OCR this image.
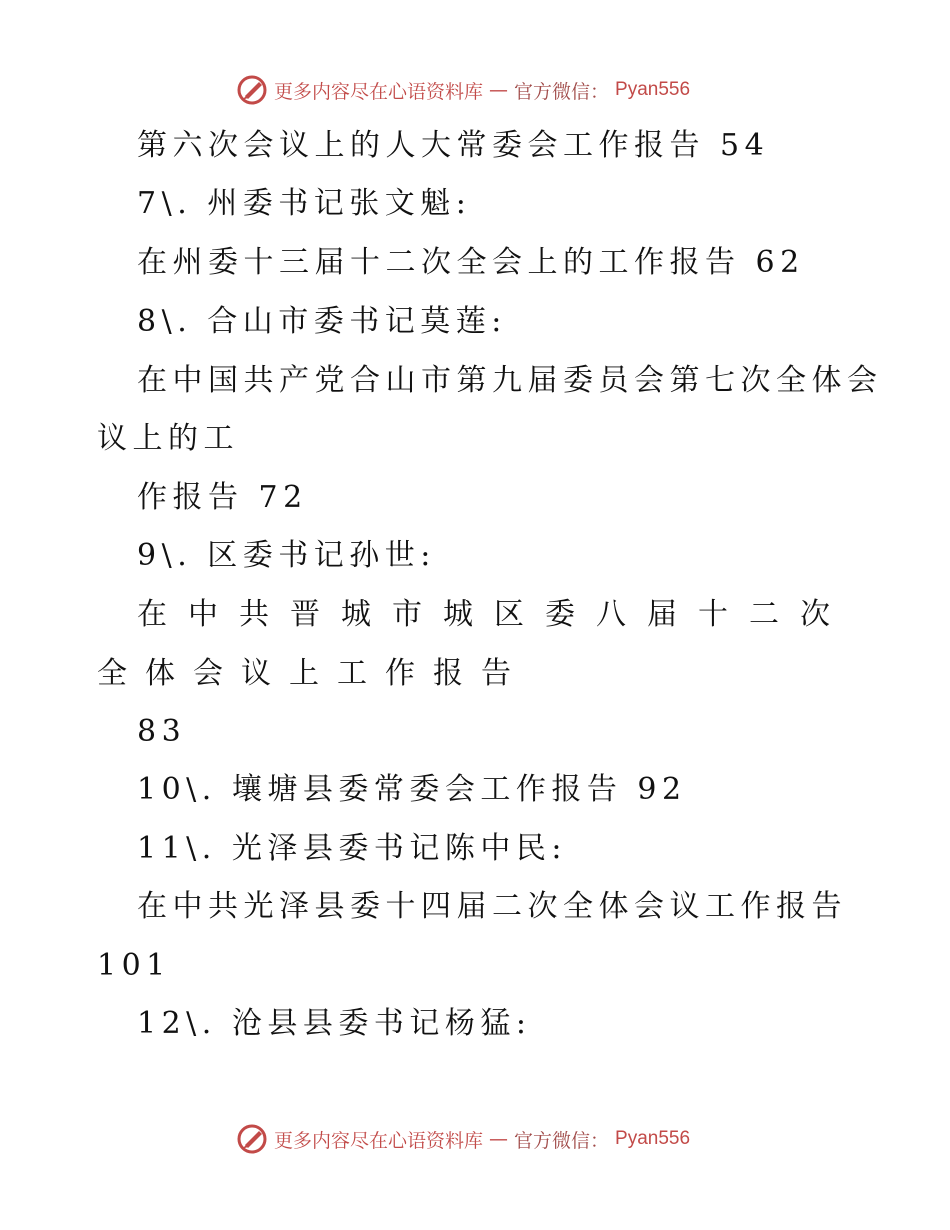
更多内容尽在心语资料库 — 官方微信： Pyan556
第六次会议上的人大常委会工作报告 54
7\. 州委书记张文魁:
在州委十三届十二次全会上的工作报告 62
8\. 合山市委书记莫莲:
在中国共产党合山市第九届委员会第七次全体会
议上的工
作报告 72
9\. 区委书记孙世:
在中共晋城市城区委八届十二次
全体会议上工作报告
83
10\. 壤塘县委常委会工作报告 92
11\. 光泽县委书记陈中民:
在中共光泽县委十四届二次全体会议工作报告
101
12\. 沧县县委书记杨猛:
更多内容尽在心语资料库 — 官方微信： Pyan556
